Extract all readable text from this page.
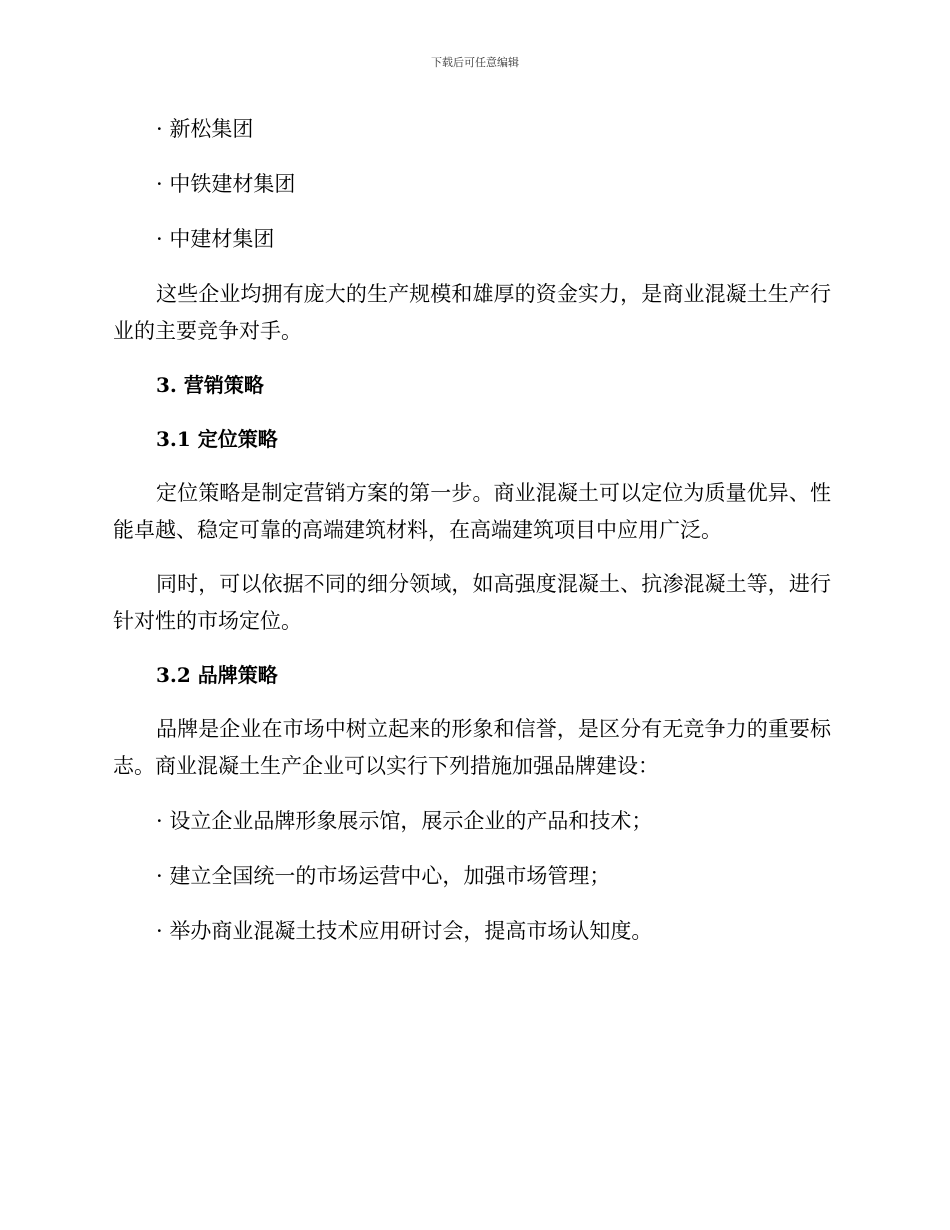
下载后可任意编辑

· 新松集团

· 中铁建材集团

· 中建材集团

这些企业均拥有庞大的生产规模和雄厚的资金实力，是商业混凝土生产行业的主要竞争对手。

3. 营销策略

3.1 定位策略

定位策略是制定营销方案的第一步。商业混凝土可以定位为质量优异、性能卓越、稳定可靠的高端建筑材料，在高端建筑项目中应用广泛。

同时，可以依据不同的细分领域，如高强度混凝土、抗渗混凝土等，进行针对性的市场定位。

3.2 品牌策略

品牌是企业在市场中树立起来的形象和信誉，是区分有无竞争力的重要标志。商业混凝土生产企业可以实行下列措施加强品牌建设：

· 设立企业品牌形象展示馆，展示企业的产品和技术；

· 建立全国统一的市场运营中心，加强市场管理；

· 举办商业混凝土技术应用研讨会，提高市场认知度。
